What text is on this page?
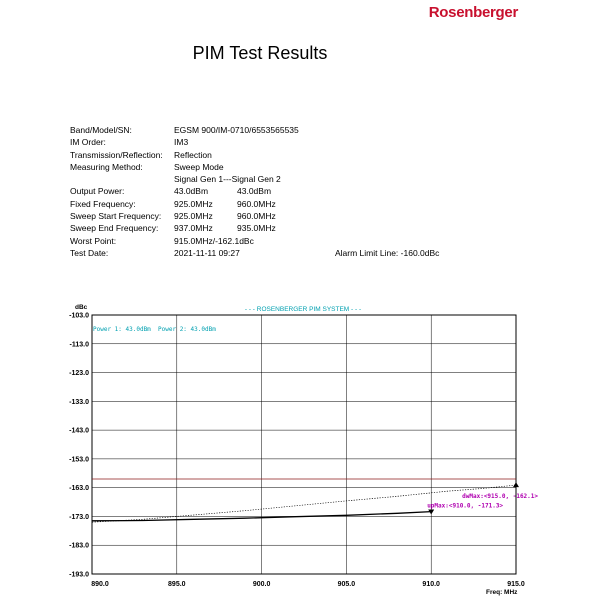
Rosenberger
PIM Test Results
Band/Model/SN:	EGSM 900/IM-0710/6553565535
IM Order:	IM3
Transmission/Reflection: Reflection
Measuring Method:	Sweep Mode
Signal Gen 1---Signal Gen 2
Output Power:	43.0dBm	43.0dBm
Fixed Frequency:	925.0MHz	960.0MHz
Sweep Start Frequency: 925.0MHz	960.0MHz
Sweep End Frequency: 937.0MHz	935.0MHz
Worst Point:	915.0MHz/-162.1dBc
Test Date:	2021-11-11 09:27	Alarm Limit Line: -160.0dBc
-103.0
-113.0
-123.0
-133.0
-143.0
-153.0
-163.0
-173.0
-183.0
-193.0
890.0	895.0	900.0	905.0	910.0	915.0
dwMax:<915.0, -162.1>
upMax:<910.0, -171.3>
- - - ROSENBERGER PIM SYSTEM - - -
dBc
Freq: MHz
Power 1: 43.0dBm  Power 2: 43.0dBm
